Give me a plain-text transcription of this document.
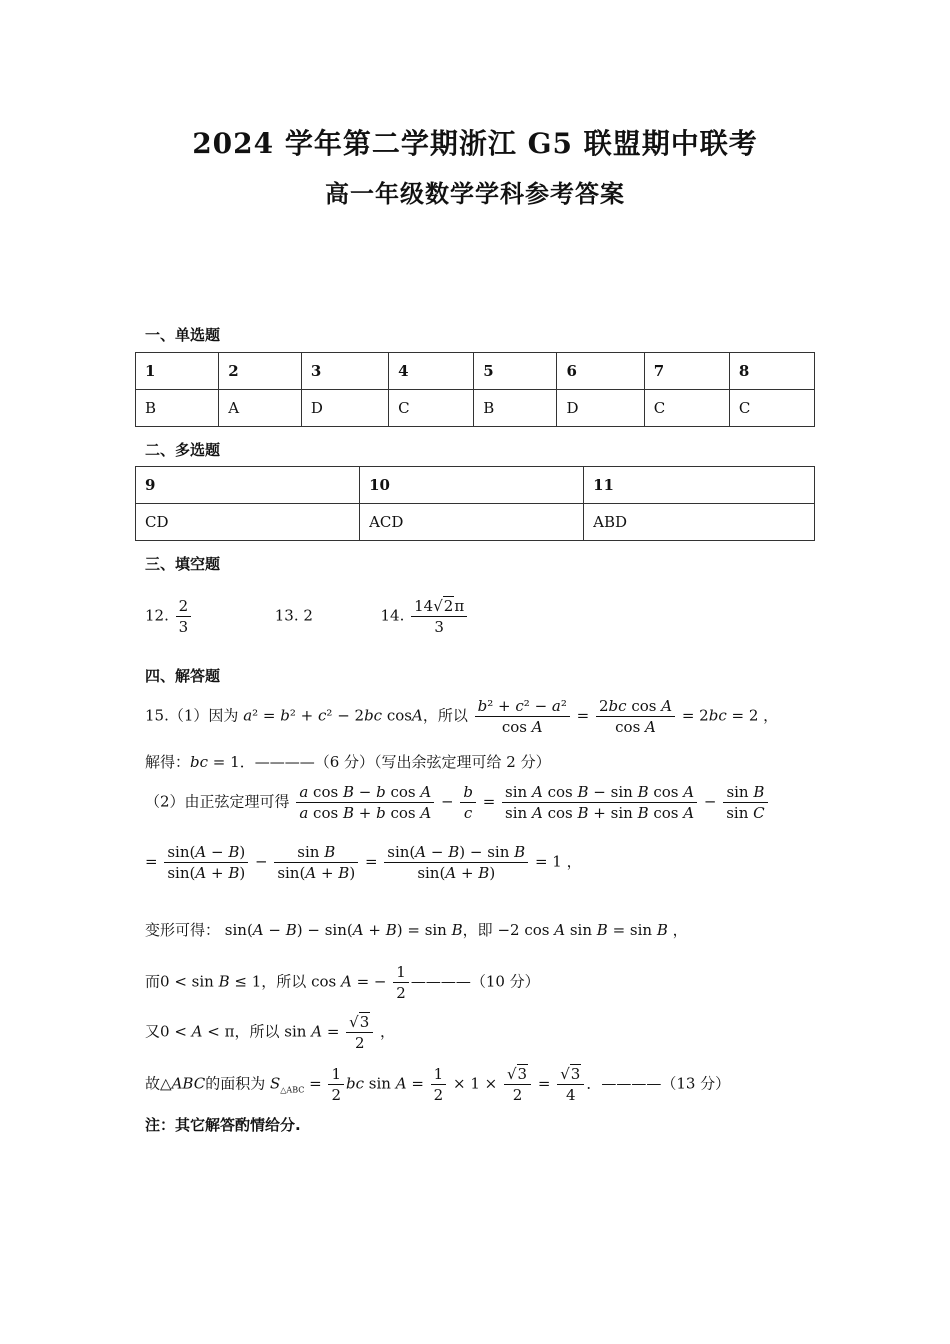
2024 学年第二学期浙江 G5 联盟期中联考
高一年级数学学科参考答案
一、单选题
1	2	3	4	5	6	7	8
B	A	D	C	B	D	C	C
二、多选题
9	10	11
CD	ACD	ABD
三、填空题
12. $\frac{2}{3}$	13. 2	14. $\frac{14√2\pi}{3}$
四、解答题
15.（1）因为 a² = b² + c² − 2bc cosA，所以 $\frac{\text{b² + c² − a²}}{\text{cos A}} = \frac{\text{2bc cos A}}{\text{cos A}} = 2bc = 2$ ，
解得：bc = 1．————（6 分）（写出余弦定理可给 2 分）
（2）由正弦定理可得 $\frac{\text{a cos B − b cos A}}{\text{a cos B + b cos A}} - \frac{b}{c} = \frac{\text{sin A cos B − sin B cos A}}{\text{sin A cos B + sin B cos A}} - \frac{\text{sin B}}{\text{sin C}}$
= $\frac{\sin(A - B)}{\sin(A + B)} - \frac{\text{sin B}}{\sin(A + B)} = \frac{\text{sin(A − B) − sin B}}{\sin(A + B)} = 1$ ，
变形可得： sin(A − B) − sin(A + B) = sin B，即 −2 cos A sin B = sin B ，
而0 < sin B ≤ 1，所以 cos A = − $\frac{1}{2}$ ————（10 分）
又0 < A < π，所以 $\sin A = \frac{√3}{2}$ ，
故△ABC的面积为 $S_{\triangle ABC} = \frac{1}{2}$ bc $\sin A = \frac{1}{2} \times 1 \times \frac{√3}{2} = \frac{√3}{4}$ ．————（13 分）
注：其它解答酌情给分.
